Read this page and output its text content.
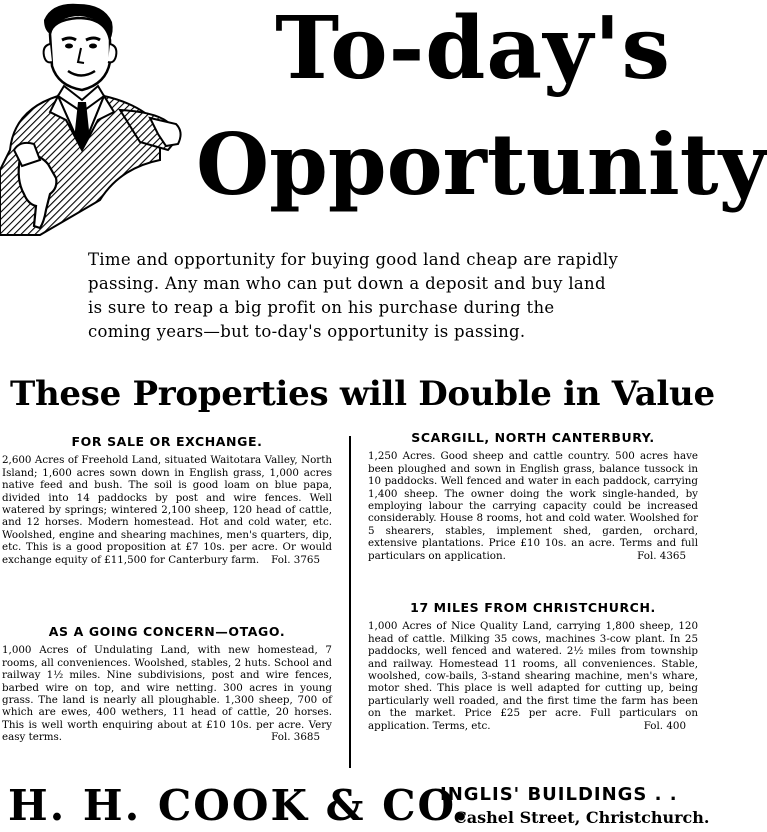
To-day's
Opportunity
Time and opportunity for buying good land cheap are rapidly passing. Any man who can put down a deposit and buy land is sure to reap a big profit on his purchase during the coming years—but to-day's opportunity is passing.
These Properties will Double in Value
FOR SALE OR EXCHANGE.
2,600 Acres of Freehold Land, situated Waitotara Valley, North Island; 1,600 acres sown down in English grass, 1,000 acres native feed and bush. The soil is good loam on blue papa, divided into 14 paddocks by post and wire fences. Well watered by springs; wintered 2,100 sheep, 120 head of cattle, and 12 horses. Modern homestead. Hot and cold water, etc. Woolshed, engine and shearing machines, men's quarters, dip, etc. This is a good proposition at £7 10s. per acre. Or would exchange equity of £11,500 for Canterbury farm.	Fol. 3765
AS A GOING CONCERN—OTAGO.
1,000 Acres of Undulating Land, with new homestead, 7 rooms, all conveniences. Woolshed, stables, 2 huts. School and railway 1½ miles. Nine subdivisions, post and wire fences, barbed wire on top, and wire netting. 300 acres in young grass. The land is nearly all ploughable. 1,300 sheep, 700 of which are ewes, 400 wethers, 11 head of cattle, 20 horses. This is well worth enquiring about at £10 10s. per acre. Very easy terms.	Fol. 3685
SCARGILL, NORTH CANTERBURY.
1,250 Acres. Good sheep and cattle country. 500 acres have been ploughed and sown in English grass, balance tussock in 10 paddocks. Well fenced and water in each paddock, carrying 1,400 sheep. The owner doing the work single-handed, by employing labour the carrying capacity could be increased considerably. House 8 rooms, hot and cold water. Woolshed for 5 shearers, stables, implement shed, garden, orchard, extensive plantations. Price £10 10s. an acre. Terms and full particulars on application.	Fol. 4365
17 MILES FROM CHRISTCHURCH.
1,000 Acres of Nice Quality Land, carrying 1,800 sheep, 120 head of cattle. Milking 35 cows, machines 3-cow plant. In 25 paddocks, well fenced and watered. 2½ miles from township and railway. Homestead 11 rooms, all conveniences. Stable, woolshed, cow-bails, 3-stand shearing machine, men's whare, motor shed. This place is well adapted for cutting up, being particularly well roaded, and the first time the farm has been on the market. Price £25 per acre. Full particulars on application. Terms, etc.	Fol. 400
H. H. COOK & CO.
INGLIS' BUILDINGS . .
Cashel Street, Christchurch.
